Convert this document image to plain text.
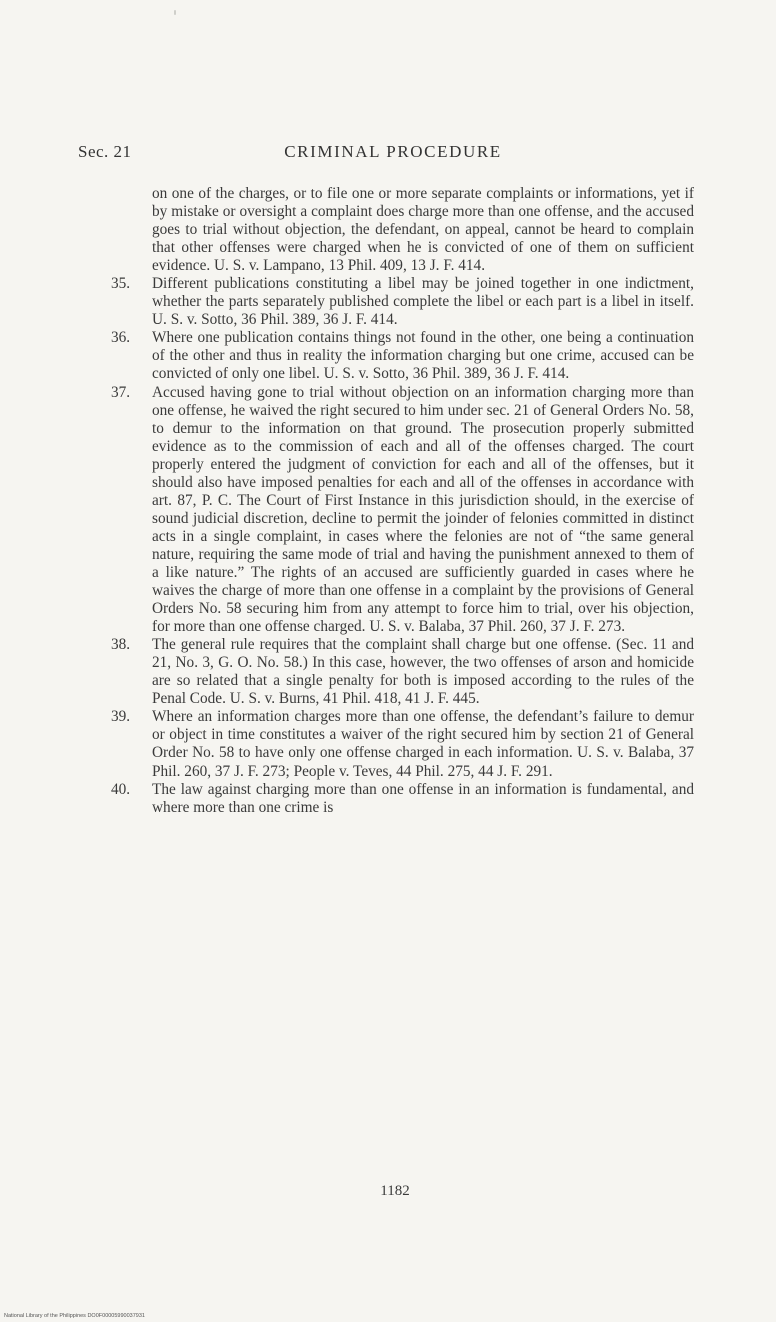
Sec. 21	CRIMINAL PROCEDURE

on one of the charges, or to file one or more separate complaints or informations, yet if by mistake or oversight a complaint does charge more than one offense, and the accused goes to trial without objection, the defendant, on appeal, cannot be heard to complain that other offenses were charged when he is convicted of one of them on sufficient evidence. U. S. v. Lampano, 13 Phil. 409, 13 J. F. 414.

35. Different publications constituting a libel may be joined together in one indictment, whether the parts separately published complete the libel or each part is a libel in itself. U. S. v. Sotto, 36 Phil. 389, 36 J. F. 414.

36. Where one publication contains things not found in the other, one being a continuation of the other and thus in reality the information charging but one crime, accused can be convicted of only one libel. U. S. v. Sotto, 36 Phil. 389, 36 J. F. 414.

37. Accused having gone to trial without objection on an information charging more than one offense, he waived the right secured to him under sec. 21 of General Orders No. 58, to demur to the information on that ground. The prosecution properly submitted evidence as to the commission of each and all of the offenses charged. The court properly entered the judgment of conviction for each and all of the offenses, but it should also have imposed penalties for each and all of the offenses in accordance with art. 87, P. C. The Court of First Instance in this jurisdiction should, in the exercise of sound judicial discretion, decline to permit the joinder of felonies committed in distinct acts in a single complaint, in cases where the felonies are not of “the same general nature, requiring the same mode of trial and having the punishment annexed to them of a like nature.” The rights of an accused are sufficiently guarded in cases where he waives the charge of more than one offense in a complaint by the provisions of General Orders No. 58 securing him from any attempt to force him to trial, over his objection, for more than one offense charged. U. S. v. Balaba, 37 Phil. 260, 37 J. F. 273.

38. The general rule requires that the complaint shall charge but one offense. (Sec. 11 and 21, No. 3, G. O. No. 58.) In this case, however, the two offenses of arson and homicide are so related that a single penalty for both is imposed according to the rules of the Penal Code. U. S. v. Burns, 41 Phil. 418, 41 J. F. 445.

39. Where an information charges more than one offense, the defendant’s failure to demur or object in time constitutes a waiver of the right secured him by section 21 of General Order No. 58 to have only one offense charged in each information. U. S. v. Balaba, 37 Phil. 260, 37 J. F. 273; People v. Teves, 44 Phil. 275, 44 J. F. 291.

40. The law against charging more than one offense in an information is fundamental, and where more than one crime is

1182
National Library of the Philippines DO0F00005990037931
